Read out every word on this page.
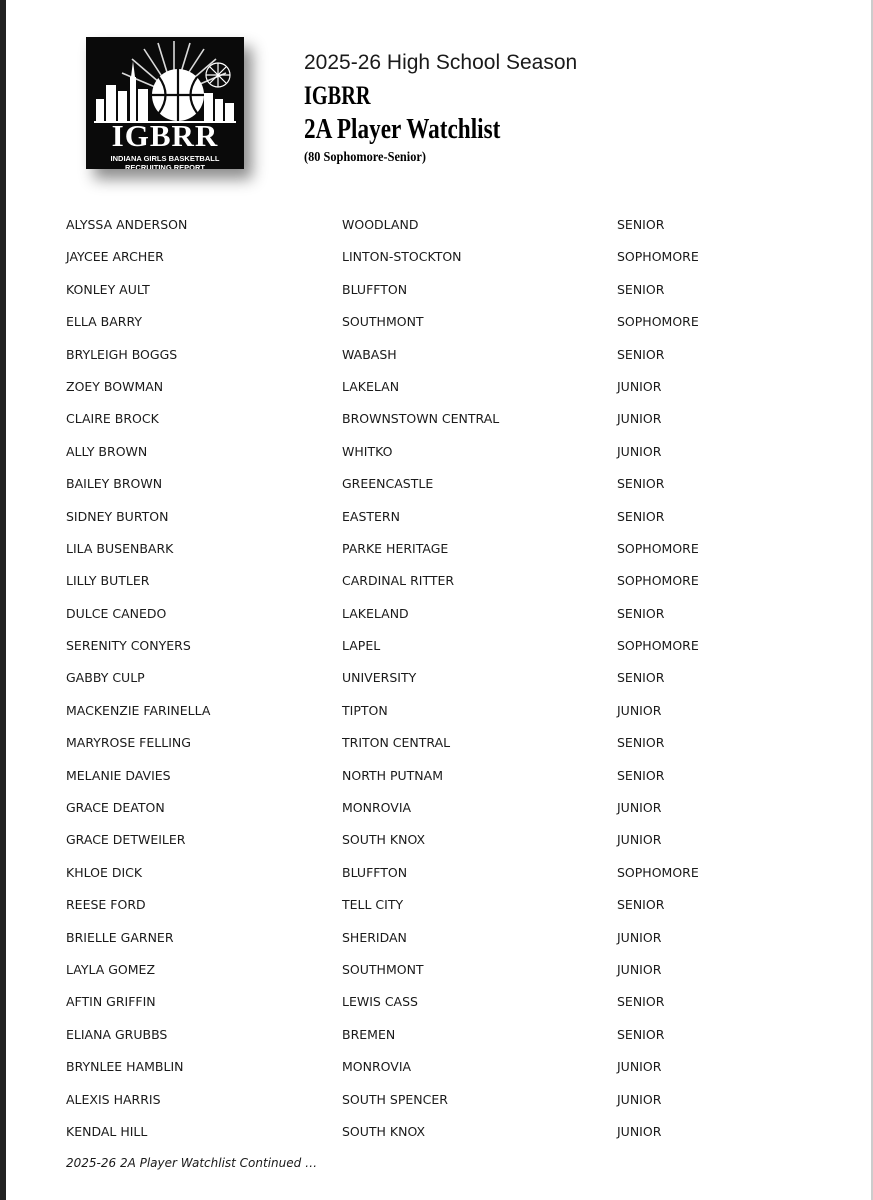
IGBRR
INDIANA GIRLS BASKETBALL
RECRUITING REPORT
2025-26 High School Season
IGBRR
2A Player Watchlist
(80 Sophomore-Senior)
ALYSSA ANDERSON	WOODLAND	SENIOR
JAYCEE ARCHER	LINTON-STOCKTON	SOPHOMORE
KONLEY AULT	BLUFFTON	SENIOR
ELLA BARRY	SOUTHMONT	SOPHOMORE
BRYLEIGH BOGGS	WABASH	SENIOR
ZOEY BOWMAN	LAKELAN	JUNIOR
CLAIRE BROCK	BROWNSTOWN CENTRAL	JUNIOR
ALLY BROWN	WHITKO	JUNIOR
BAILEY BROWN	GREENCASTLE	SENIOR
SIDNEY BURTON	EASTERN	SENIOR
LILA BUSENBARK	PARKE HERITAGE	SOPHOMORE
LILLY BUTLER	CARDINAL RITTER	SOPHOMORE
DULCE CANEDO	LAKELAND	SENIOR
SERENITY CONYERS	LAPEL	SOPHOMORE
GABBY CULP	UNIVERSITY	SENIOR
MACKENZIE FARINELLA	TIPTON	JUNIOR
MARYROSE FELLING	TRITON CENTRAL	SENIOR
MELANIE DAVIES	NORTH PUTNAM	SENIOR
GRACE DEATON	MONROVIA	JUNIOR
GRACE DETWEILER	SOUTH KNOX	JUNIOR
KHLOE DICK	BLUFFTON	SOPHOMORE
REESE FORD	TELL CITY	SENIOR
BRIELLE GARNER	SHERIDAN	JUNIOR
LAYLA GOMEZ	SOUTHMONT	JUNIOR
AFTIN GRIFFIN	LEWIS CASS	SENIOR
ELIANA GRUBBS	BREMEN	SENIOR
BRYNLEE HAMBLIN	MONROVIA	JUNIOR
ALEXIS HARRIS	SOUTH SPENCER	JUNIOR
KENDAL HILL	SOUTH KNOX	JUNIOR
2025-26 2A Player Watchlist Continued …
